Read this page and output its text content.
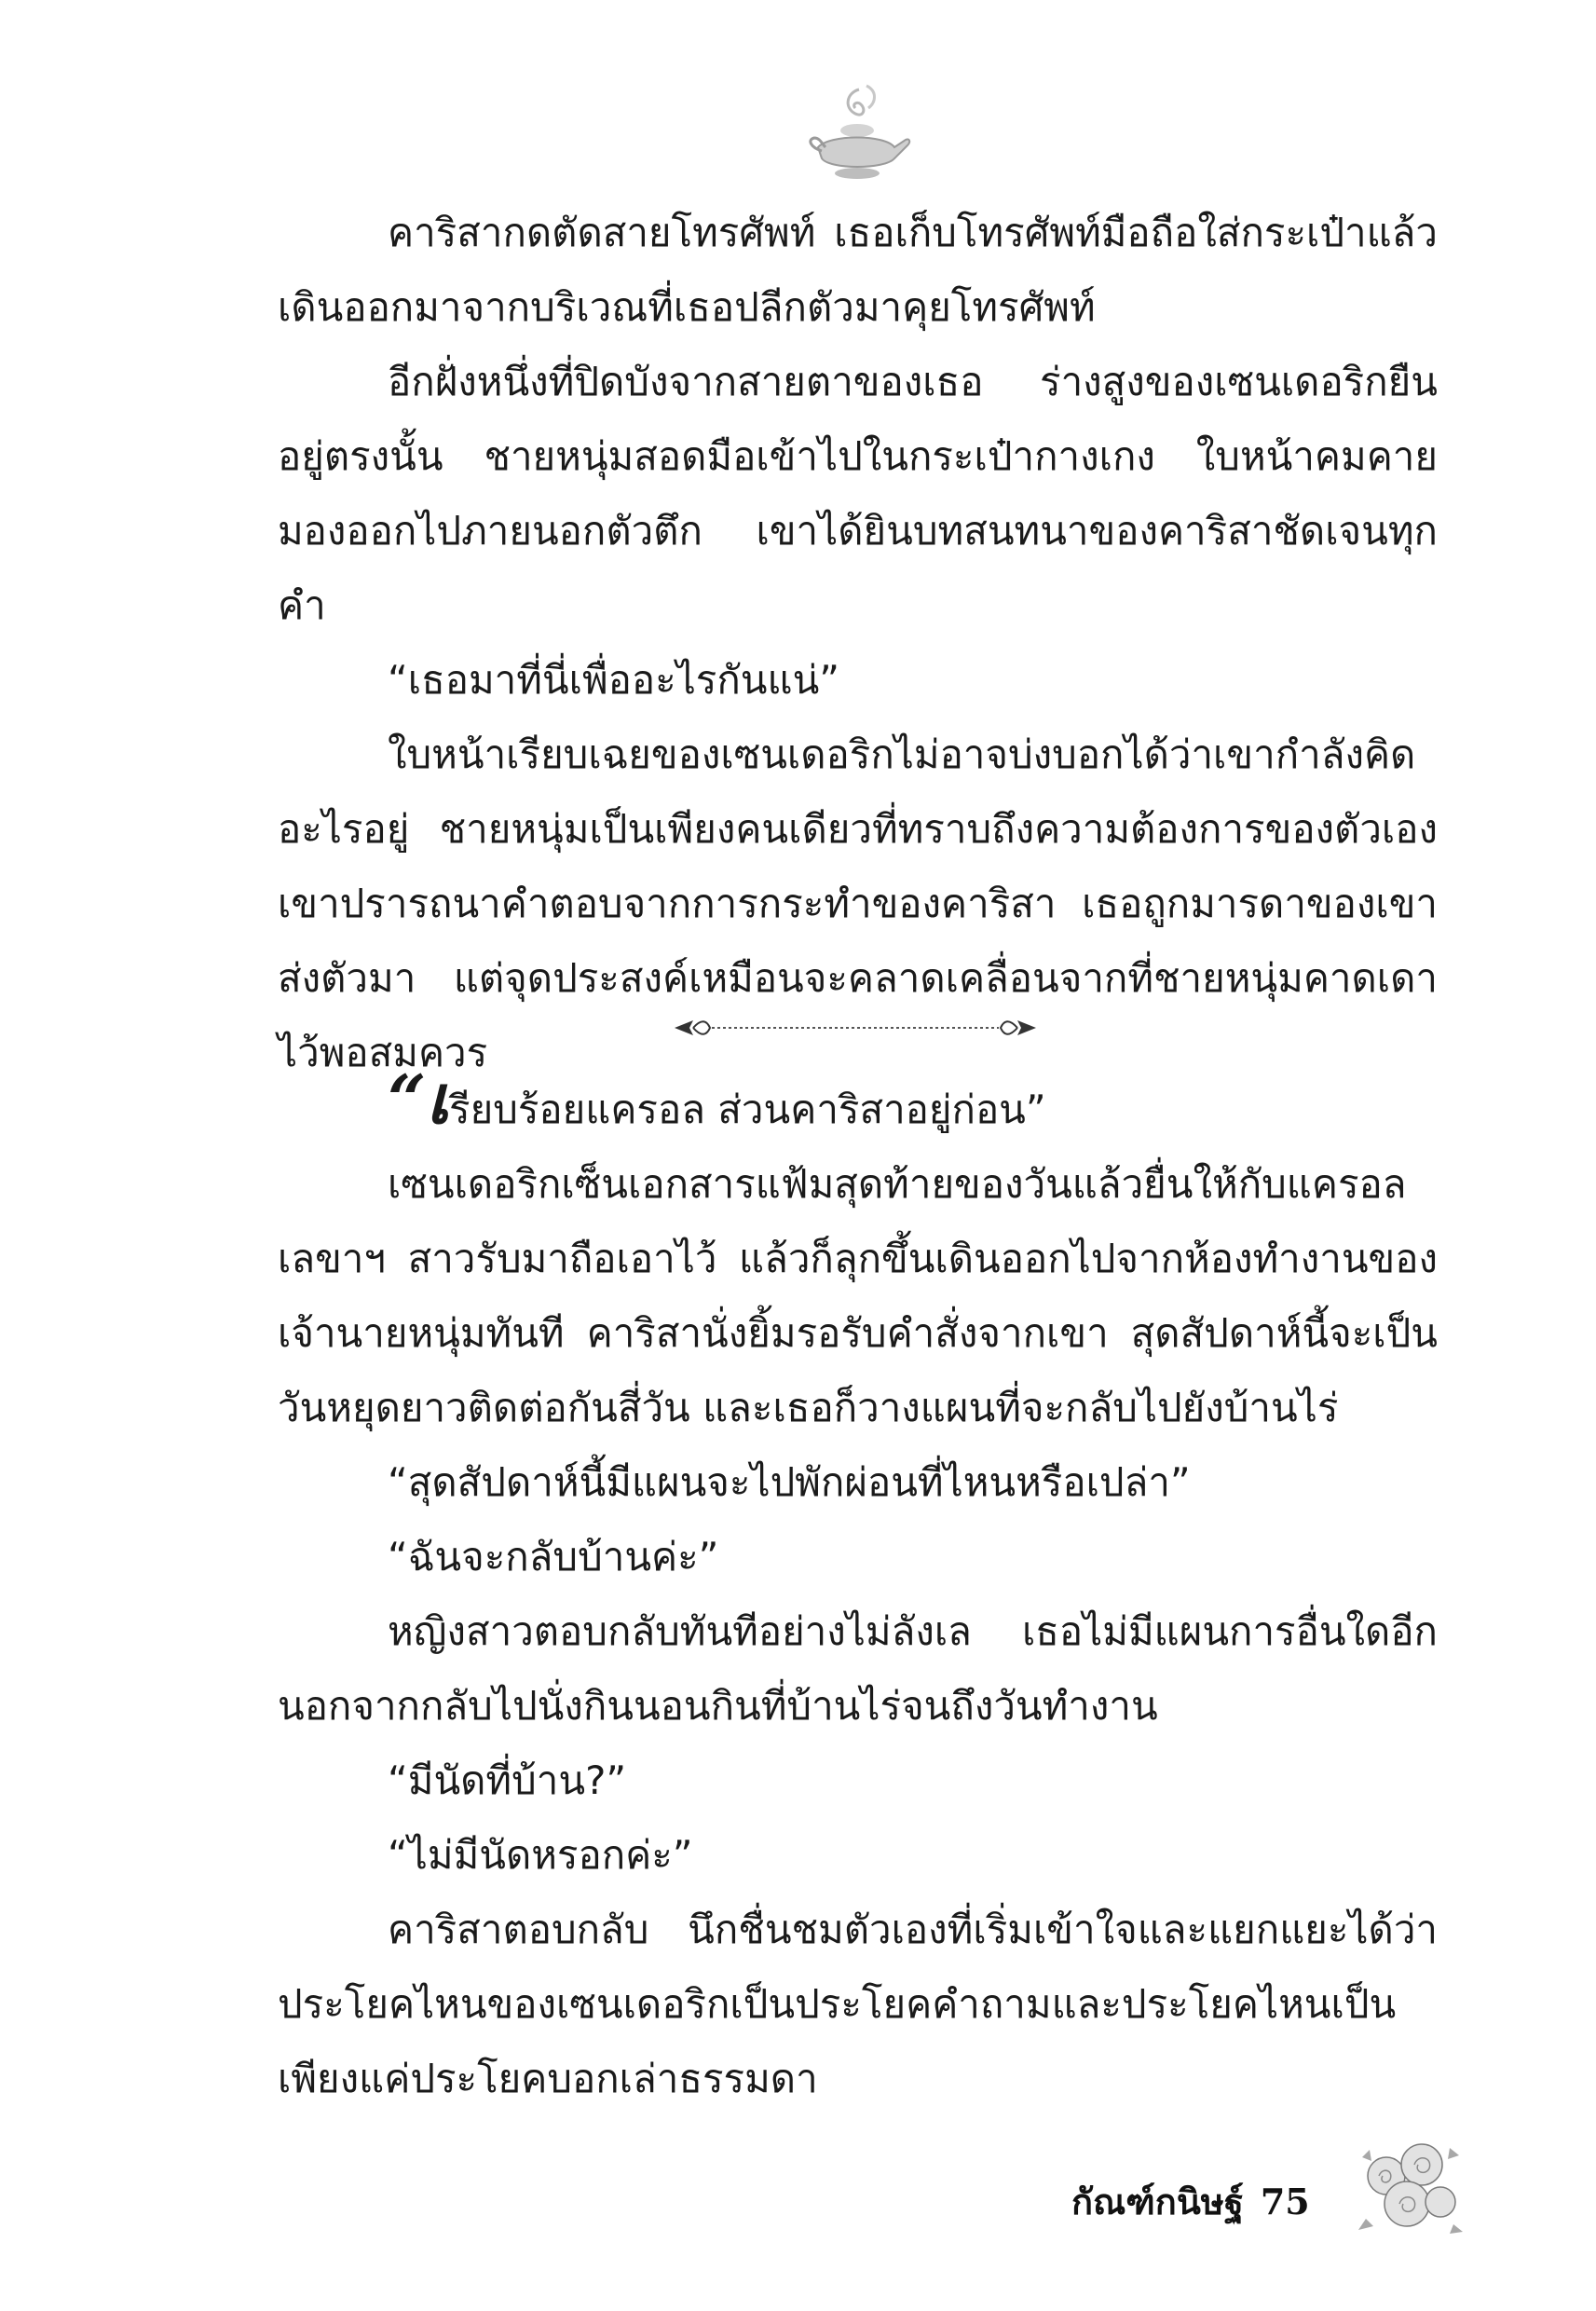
คาริสากดตัดสายโทรศัพท์ เธอเก็บโทรศัพท์มือถือใส่กระเป๋าแล้วเดินออกมาจากบริเวณที่เธอปลีกตัวมาคุยโทรศัพท์

อีกฝั่งหนึ่งที่ปิดบังจากสายตาของเธอ ร่างสูงของเซนเดอริกยืนอยู่ตรงนั้น ชายหนุ่มสอดมือเข้าไปในกระเป๋ากางเกง ใบหน้าคมคายมองออกไปภายนอกตัวตึก เขาได้ยินบทสนทนาของคาริสาชัดเจนทุกคำ

“เธอมาที่นี่เพื่ออะไรกันแน่”

ใบหน้าเรียบเฉยของเซนเดอริกไม่อาจบ่งบอกได้ว่าเขากำลังคิดอะไรอยู่ ชายหนุ่มเป็นเพียงคนเดียวที่ทราบถึงความต้องการของตัวเองเขาปรารถนาคำตอบจากการกระทำของคาริสา เธอถูกมารดาของเขาส่งตัวมา แต่จุดประสงค์เหมือนจะคลาดเคลื่อนจากที่ชายหนุ่มคาดเดาไว้พอสมควร

“เรียบร้อยแครอล ส่วนคาริสาอยู่ก่อน”

เซนเดอริกเซ็นเอกสารแฟ้มสุดท้ายของวันแล้วยื่นให้กับแครอลเลขาฯ สาวรับมาถือเอาไว้ แล้วก็ลุกขึ้นเดินออกไปจากห้องทำงานของเจ้านายหนุ่มทันที คาริสานั่งยิ้มรอรับคำสั่งจากเขา สุดสัปดาห์นี้จะเป็นวันหยุดยาวติดต่อกันสี่วัน และเธอก็วางแผนที่จะกลับไปยังบ้านไร่

“สุดสัปดาห์นี้มีแผนจะไปพักผ่อนที่ไหนหรือเปล่า”

“ฉันจะกลับบ้านค่ะ”

หญิงสาวตอบกลับทันทีอย่างไม่ลังเล เธอไม่มีแผนการอื่นใดอีกนอกจากกลับไปนั่งกินนอนกินที่บ้านไร่จนถึงวันทำงาน

“มีนัดที่บ้าน?”

“ไม่มีนัดหรอกค่ะ”

คาริสาตอบกลับ นึกชื่นชมตัวเองที่เริ่มเข้าใจและแยกแยะได้ว่าประโยคไหนของเซนเดอริกเป็นประโยคคำถามและประโยคไหนเป็นเพียงแค่ประโยคบอกเล่าธรรมดา

กัณฑ์กนิษฐ์ 75
